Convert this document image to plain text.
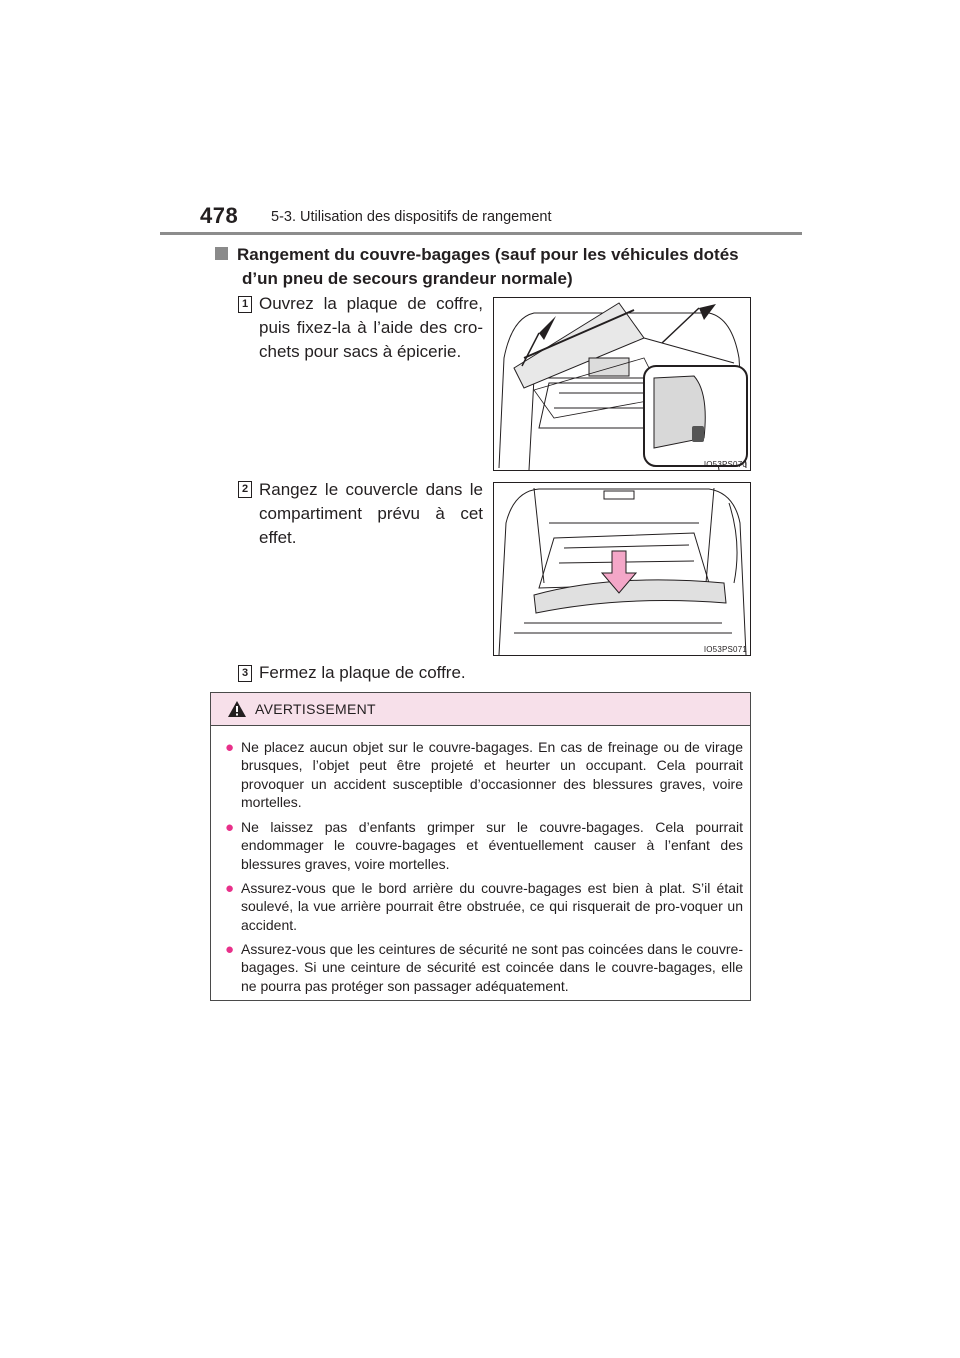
478 5-3. Utilisation des dispositifs de rangement
Rangement du couvre-bagages (sauf pour les véhicules dotés
d’un pneu de secours grandeur normale)
1 Ouvrez la plaque de coffre, puis fixez-la à l’aide des cro-chets pour sacs à épicerie.
IO53PS070
2 Rangez le couvercle dans le compartiment prévu à cet effet.
IO53PS071
3 Fermez la plaque de coffre.
AVERTISSEMENT
● Ne placez aucun objet sur le couvre-bagages. En cas de freinage ou de virage brusques, l’objet peut être projeté et heurter un occupant. Cela pourrait provoquer un accident susceptible d’occasionner des blessures graves, voire mortelles.
● Ne laissez pas d’enfants grimper sur le couvre-bagages. Cela pourrait endommager le couvre-bagages et éventuellement causer à l’enfant des blessures graves, voire mortelles.
● Assurez-vous que le bord arrière du couvre-bagages est bien à plat. S’il était soulevé, la vue arrière pourrait être obstruée, ce qui risquerait de pro-voquer un accident.
● Assurez-vous que les ceintures de sécurité ne sont pas coincées dans le couvre-bagages. Si une ceinture de sécurité est coincée dans le couvre-bagages, elle ne pourra pas protéger son passager adéquatement.
